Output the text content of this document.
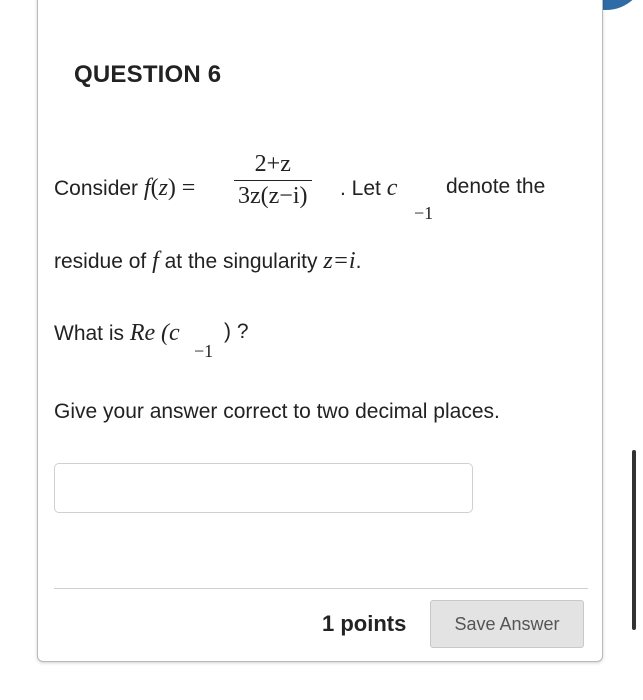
QUESTION 6
Consider f(z) =
2+z
3z(z−i) . Let c
−1
denote the
residue of f at the singularity z=i.
What is Re (c
−1
) ?
Give your answer correct to two decimal places.
1 points	Save Answer
